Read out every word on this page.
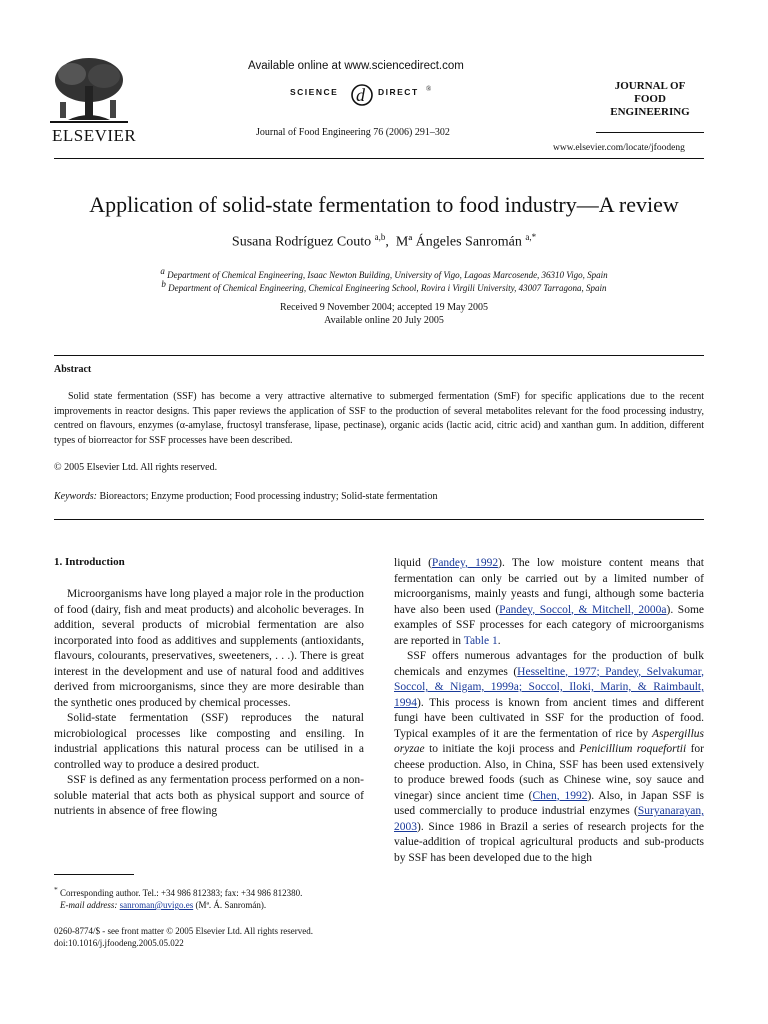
ELSEVIER
Available online at www.sciencedirect.com
SCIENCE d DIRECT ®
Journal of Food Engineering 76 (2006) 291–302
JOURNAL OF
FOOD
ENGINEERING
www.elsevier.com/locate/jfoodeng
Application of solid-state fermentation to food industry—A review
Susana Rodríguez Couto $^{a,b}$,  Mª Ángeles Sanromán $^{a,*}$
$^a$ Department of Chemical Engineering, Isaac Newton Building, University of Vigo, Lagoas Marcosende, 36310 Vigo, Spain
$^b$ Department of Chemical Engineering, Chemical Engineering School, Rovira i Virgili University, 43007 Tarragona, Spain
Received 9 November 2004; accepted 19 May 2005
Available online 20 July 2005
Abstract
Solid state fermentation (SSF) has become a very attractive alternative to submerged fermentation (SmF) for specific applications due to the recent improvements in reactor designs. This paper reviews the application of SSF to the production of several metabolites relevant for the food processing industry, centred on flavours, enzymes (α-amylase, fructosyl transferase, lipase, pectinase), organic acids (lactic acid, citric acid) and xanthan gum. In addition, different types of biorreactor for SSF processes have been described.
© 2005 Elsevier Ltd. All rights reserved.
Keywords: Bioreactors; Enzyme production; Food processing industry; Solid-state fermentation
1. Introduction

Microorganisms have long played a major role in the production of food (dairy, fish and meat products) and alcoholic beverages. In addition, several products of microbial fermentation are also incorporated into food as additives and supplements (antioxidants, flavours, colourants, preservatives, sweeteners, . . .). There is great interest in the development and use of natural food and additives derived from microorganisms, since they are more desirable than the synthetic ones produced by chemical processes.

Solid-state fermentation (SSF) reproduces the natural microbiological processes like composting and ensiling. In industrial applications this natural process can be utilised in a controlled way to produce a desired product.

SSF is defined as any fermentation process performed on a non-soluble material that acts both as physical support and source of nutrients in absence of free flowing

liquid (Pandey, 1992). The low moisture content means that fermentation can only be carried out by a limited number of microorganisms, mainly yeasts and fungi, although some bacteria have also been used (Pandey, Soccol, & Mitchell, 2000a). Some examples of SSF processes for each category of microorganisms are reported in Table 1.

SSF offers numerous advantages for the production of bulk chemicals and enzymes (Hesseltine, 1977; Pandey, Selvakumar, Soccol, & Nigam, 1999a; Soccol, Iloki, Marin, & Raimbault, 1994). This process is known from ancient times and different fungi have been cultivated in SSF for the production of food. Typical examples of it are the fermentation of rice by Aspergillus oryzae to initiate the koji process and Penicillium roquefortii for cheese production. Also, in China, SSF has been used extensively to produce brewed foods (such as Chinese wine, soy sauce and vinegar) since ancient time (Chen, 1992). Also, in Japan SSF is used commercially to produce industrial enzymes (Suryanarayan, 2003). Since 1986 in Brazil a series of research projects for the value-addition of tropical agricultural products and sub-products by SSF has been developed due to the high

* Corresponding author. Tel.: +34 986 812383; fax: +34 986 812380.
E-mail address: sanroman@uvigo.es (Mª. Á. Sanromán).
0260-8774/$ - see front matter © 2005 Elsevier Ltd. All rights reserved.
doi:10.1016/j.jfoodeng.2005.05.022
